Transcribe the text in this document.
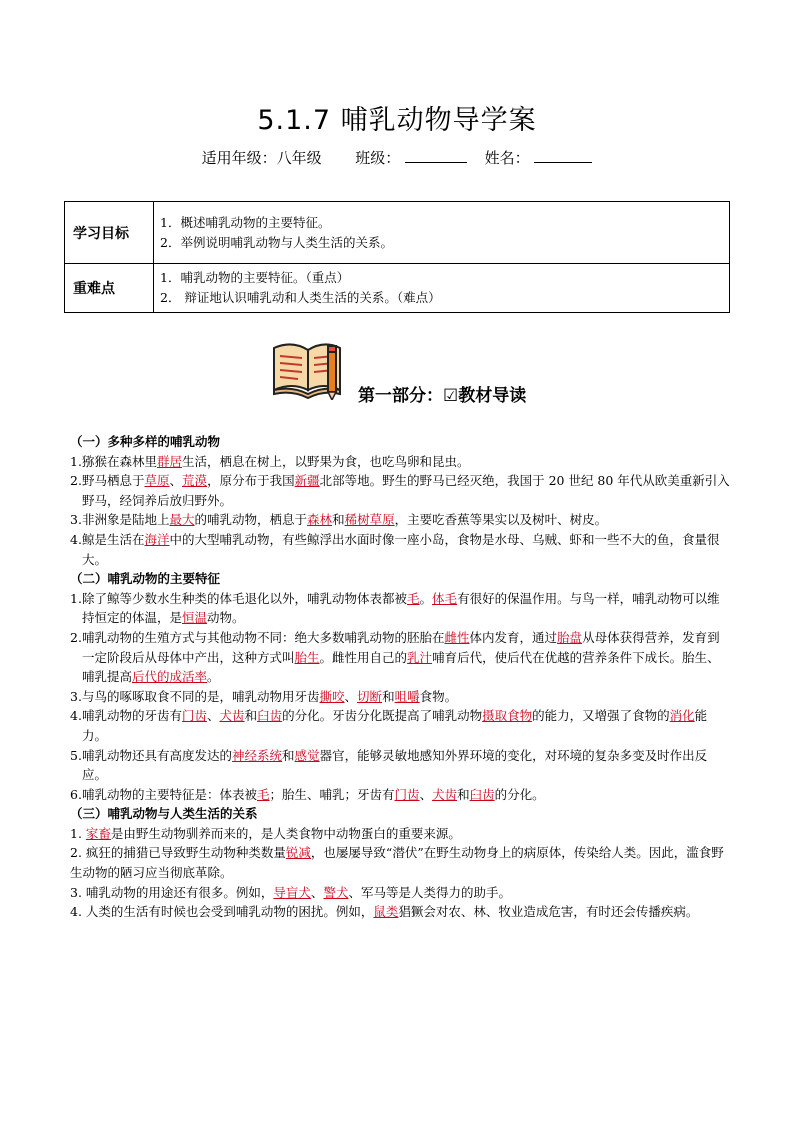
5.1.7 哺乳动物导学案
适用年级：八年级 班级：	姓名：
学习目标	1．概述哺乳动物的主要特征。
2．举例说明哺乳动物与人类生活的关系。

重难点	1．哺乳动物的主要特征。（重点）
2． 辩证地认识哺乳动和人类生活的关系。（难点）
第一部分：☑教材导读
（一）多种多样的哺乳动物
1. 猕猴在森林里群居生活，栖息在树上，以野果为食，也吃鸟卵和昆虫。
2. 野马栖息于草原、荒漠，原分布于我国新疆北部等地。野生的野马已经灭绝，我国于 20 世纪 80 年代从欧美重新引入野马，经饲养后放归野外。
3. 非洲象是陆地上最大的哺乳动物，栖息于森林和稀树草原，主要吃香蕉等果实以及树叶、树皮。
4. 鲸是生活在海洋中的大型哺乳动物，有些鲸浮出水面时像一座小岛，食物是水母、乌贼、虾和一些不大的鱼，食量很大。
（二）哺乳动物的主要特征
1. 除了鲸等少数水生种类的体毛退化以外，哺乳动物体表都被毛。体毛有很好的保温作用。与鸟一样，哺乳动物可以维持恒定的体温，是恒温动物。
2. 哺乳动物的生殖方式与其他动物不同：绝大多数哺乳动物的胚胎在雌性体内发育，通过胎盘从母体获得营养，发育到一定阶段后从母体中产出，这种方式叫胎生。雌性用自己的乳汁哺育后代，使后代在优越的营养条件下成长。胎生、哺乳提高后代的成活率。
3. 与鸟的啄啄取食不同的是，哺乳动物用牙齿撕咬、切断和咀嚼食物。
4. 哺乳动物的牙齿有门齿、犬齿和臼齿的分化。牙齿分化既提高了哺乳动物摄取食物的能力，又增强了食物的消化能力。
5. 哺乳动物还具有高度发达的神经系统和感觉器官，能够灵敏地感知外界环境的变化，对环境的复杂多变及时作出反应。
6. 哺乳动物的主要特征是：体表被毛；胎生、哺乳；牙齿有门齿、犬齿和臼齿的分化。
（三）哺乳动物与人类生活的关系
1. 家畜是由野生动物驯养而来的，是人类食物中动物蛋白的重要来源。
2. 疯狂的捕猎已导致野生动物种类数量锐减，也屡屡导致“潜伏”在野生动物身上的病原体，传染给人类。因此，滥食野生动物的陋习应当彻底革除。
3. 哺乳动物的用途还有很多。例如，导盲犬、警犬、军马等是人类得力的助手。
4. 人类的生活有时候也会受到哺乳动物的困扰。例如，鼠类猖獗会对农、林、牧业造成危害，有时还会传播疾病。
